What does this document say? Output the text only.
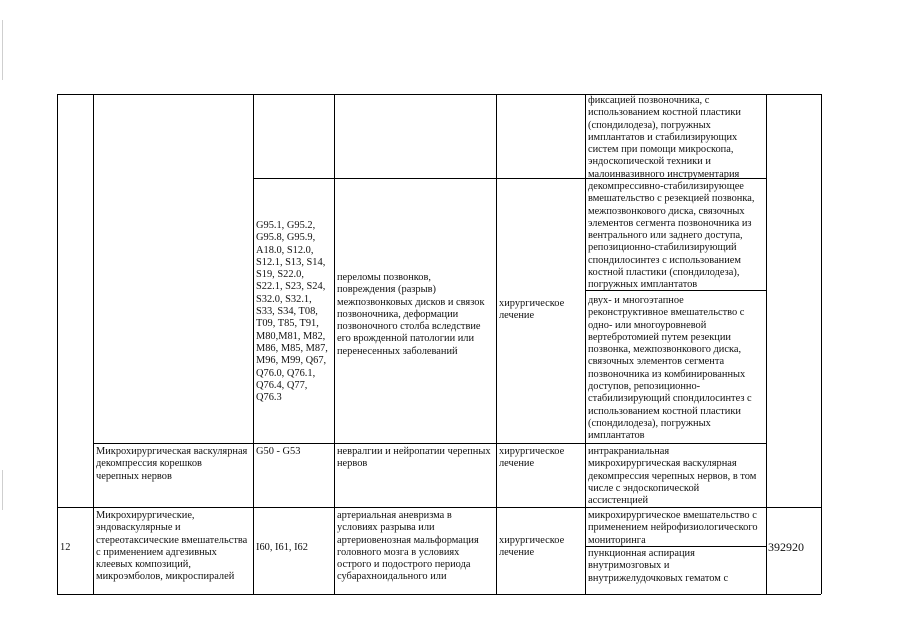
фиксацией позвоночника, с
использованием костной пластики
(спондилодеза), погружных
имплантатов и стабилизирующих
систем при помощи микроскопа,
эндоскопической техники и
малоинвазивного инструментария
G95.1, G95.2,
G95.8, G95.9,
A18.0, S12.0,
S12.1, S13, S14,
S19, S22.0,
S22.1, S23, S24,
S32.0, S32.1,
S33, S34, T08,
T09, T85, T91,
M80,M81, M82,
M86, M85, M87,
M96, M99, Q67,
Q76.0, Q76.1,
Q76.4, Q77,
Q76.3
переломы позвонков,
повреждения (разрыв)
межпозвонковых дисков и связок
позвоночника, деформации
позвоночного столба вследствие
его врожденной патологии или
перенесенных заболеваний
хирургическое
лечение
декомпрессивно-стабилизирующее
вмешательство с резекцией позвонка,
межпозвонкового диска, связочных
элементов сегмента позвоночника из
вентрального или заднего доступа,
репозиционно-стабилизирующий
спондилосинтез с использованием
костной пластики (спондилодеза),
погружных имплантатов
двух- и многоэтапное
реконструктивное вмешательство с
одно- или многоуровневой
вертебротомией путем резекции
позвонка, межпозвонкового диска,
связочных элементов сегмента
позвоночника из комбинированных
доступов, репозиционно-
стабилизирующий спондилосинтез с
использованием костной пластики
(спондилодеза), погружных
имплантатов
Микрохирургическая васкулярная
декомпрессия корешков
черепных нервов
G50 - G53	невралгии и нейропатии черепных
нервов
хирургическое
лечение
интракраниальная
микрохирургическая васкулярная
декомпрессия черепных нервов, в том
числе с эндоскопической
ассистенцией
12
Микрохирургические,
эндоваскулярные и
стереотаксические вмешательства
с применением адгезивных
клеевых композиций,
микроэмболов, микроспиралей
I60, I61, I62
артериальная аневризма в
условиях разрыва или
артериовенозная мальформация
головного мозга в условиях
острого и подострого периода
субарахноидального или
хирургическое
лечение
микрохирургическое вмешательство с
применением нейрофизиологического
мониторинга
пункционная аспирация
внутримозговых и
внутрижелудочковых гематом с
392920
